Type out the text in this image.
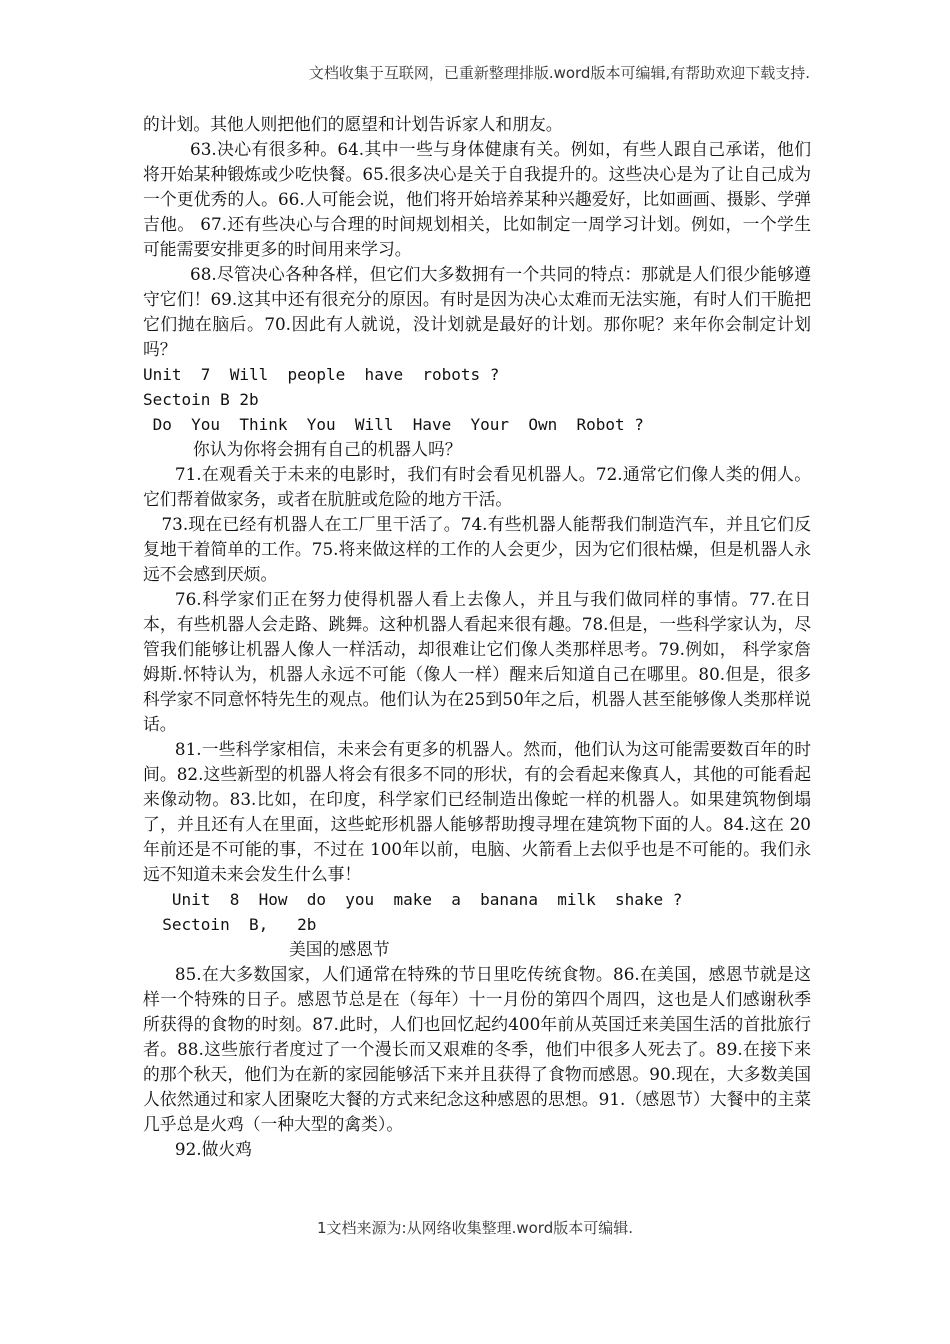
文档收集于互联网，已重新整理排版.word版本可编辑,有帮助欢迎下载支持.

的计划。其他人则把他们的愿望和计划告诉家人和朋友。

63.决心有很多种。64.其中一些与身体健康有关。例如，有些人跟自己承诺，他们将开始某种锻炼或少吃快餐。65.很多决心是关于自我提升的。这些决心是为了让自己成为一个更优秀的人。66.人可能会说，他们将开始培养某种兴趣爱好，比如画画、摄影、学弹吉他。 67.还有些决心与合理的时间规划相关，比如制定一周学习计划。例如，一个学生可能需要安排更多的时间用来学习。

68.尽管决心各种各样，但它们大多数拥有一个共同的特点：那就是人们很少能够遵守它们！69.这其中还有很充分的原因。有时是因为决心太难而无法实施，有时人们干脆把它们抛在脑后。70.因此有人就说，没计划就是最好的计划。那你呢？来年你会制定计划吗？

Unit  7  Will  people  have  robots ?

Sectoin B 2b

Do  You  Think  You  Will  Have  Your  Own  Robot ?

你认为你将会拥有自己的机器人吗？

71.在观看关于未来的电影时，我们有时会看见机器人。72.通常它们像人类的佣人。它们帮着做家务，或者在肮脏或危险的地方干活。

73.现在已经有机器人在工厂里干活了。74.有些机器人能帮我们制造汽车，并且它们反复地干着简单的工作。75.将来做这样的工作的人会更少，因为它们很枯燥，但是机器人永远不会感到厌烦。

76.科学家们正在努力使得机器人看上去像人，并且与我们做同样的事情。77.在日本，有些机器人会走路、跳舞。这种机器人看起来很有趣。78.但是，一些科学家认为，尽管我们能够让机器人像人一样活动，却很难让它们像人类那样思考。79.例如， 科学家詹姆斯.怀特认为，机器人永远不可能（像人一样）醒来后知道自己在哪里。80.但是，很多科学家不同意怀特先生的观点。他们认为在25到50年之后，机器人甚至能够像人类那样说话。

81.一些科学家相信，未来会有更多的机器人。然而，他们认为这可能需要数百年的时间。82.这些新型的机器人将会有很多不同的形状，有的会看起来像真人，其他的可能看起来像动物。83.比如，在印度，科学家们已经制造出像蛇一样的机器人。如果建筑物倒塌了，并且还有人在里面，这些蛇形机器人能够帮助搜寻埋在建筑物下面的人。84.这在 20 年前还是不可能的事，不过在 100年以前，电脑、火箭看上去似乎也是不可能的。我们永远不知道未来会发生什么事！

Unit  8  How  do  you  make  a  banana  milk  shake ?

Sectoin  B,   2b

美国的感恩节

85.在大多数国家，人们通常在特殊的节日里吃传统食物。86.在美国，感恩节就是这样一个特殊的日子。感恩节总是在（每年）十一月份的第四个周四，这也是人们感谢秋季所获得的食物的时刻。87.此时，人们也回忆起约400年前从英国迁来美国生活的首批旅行者。88.这些旅行者度过了一个漫长而又艰难的冬季，他们中很多人死去了。89.在接下来的那个秋天，他们为在新的家园能够活下来并且获得了食物而感恩。90.现在，大多数美国人依然通过和家人团聚吃大餐的方式来纪念这种感恩的思想。91.（感恩节）大餐中的主菜几乎总是火鸡（一种大型的禽类）。

92.做火鸡

1文档来源为:从网络收集整理.word版本可编辑.
